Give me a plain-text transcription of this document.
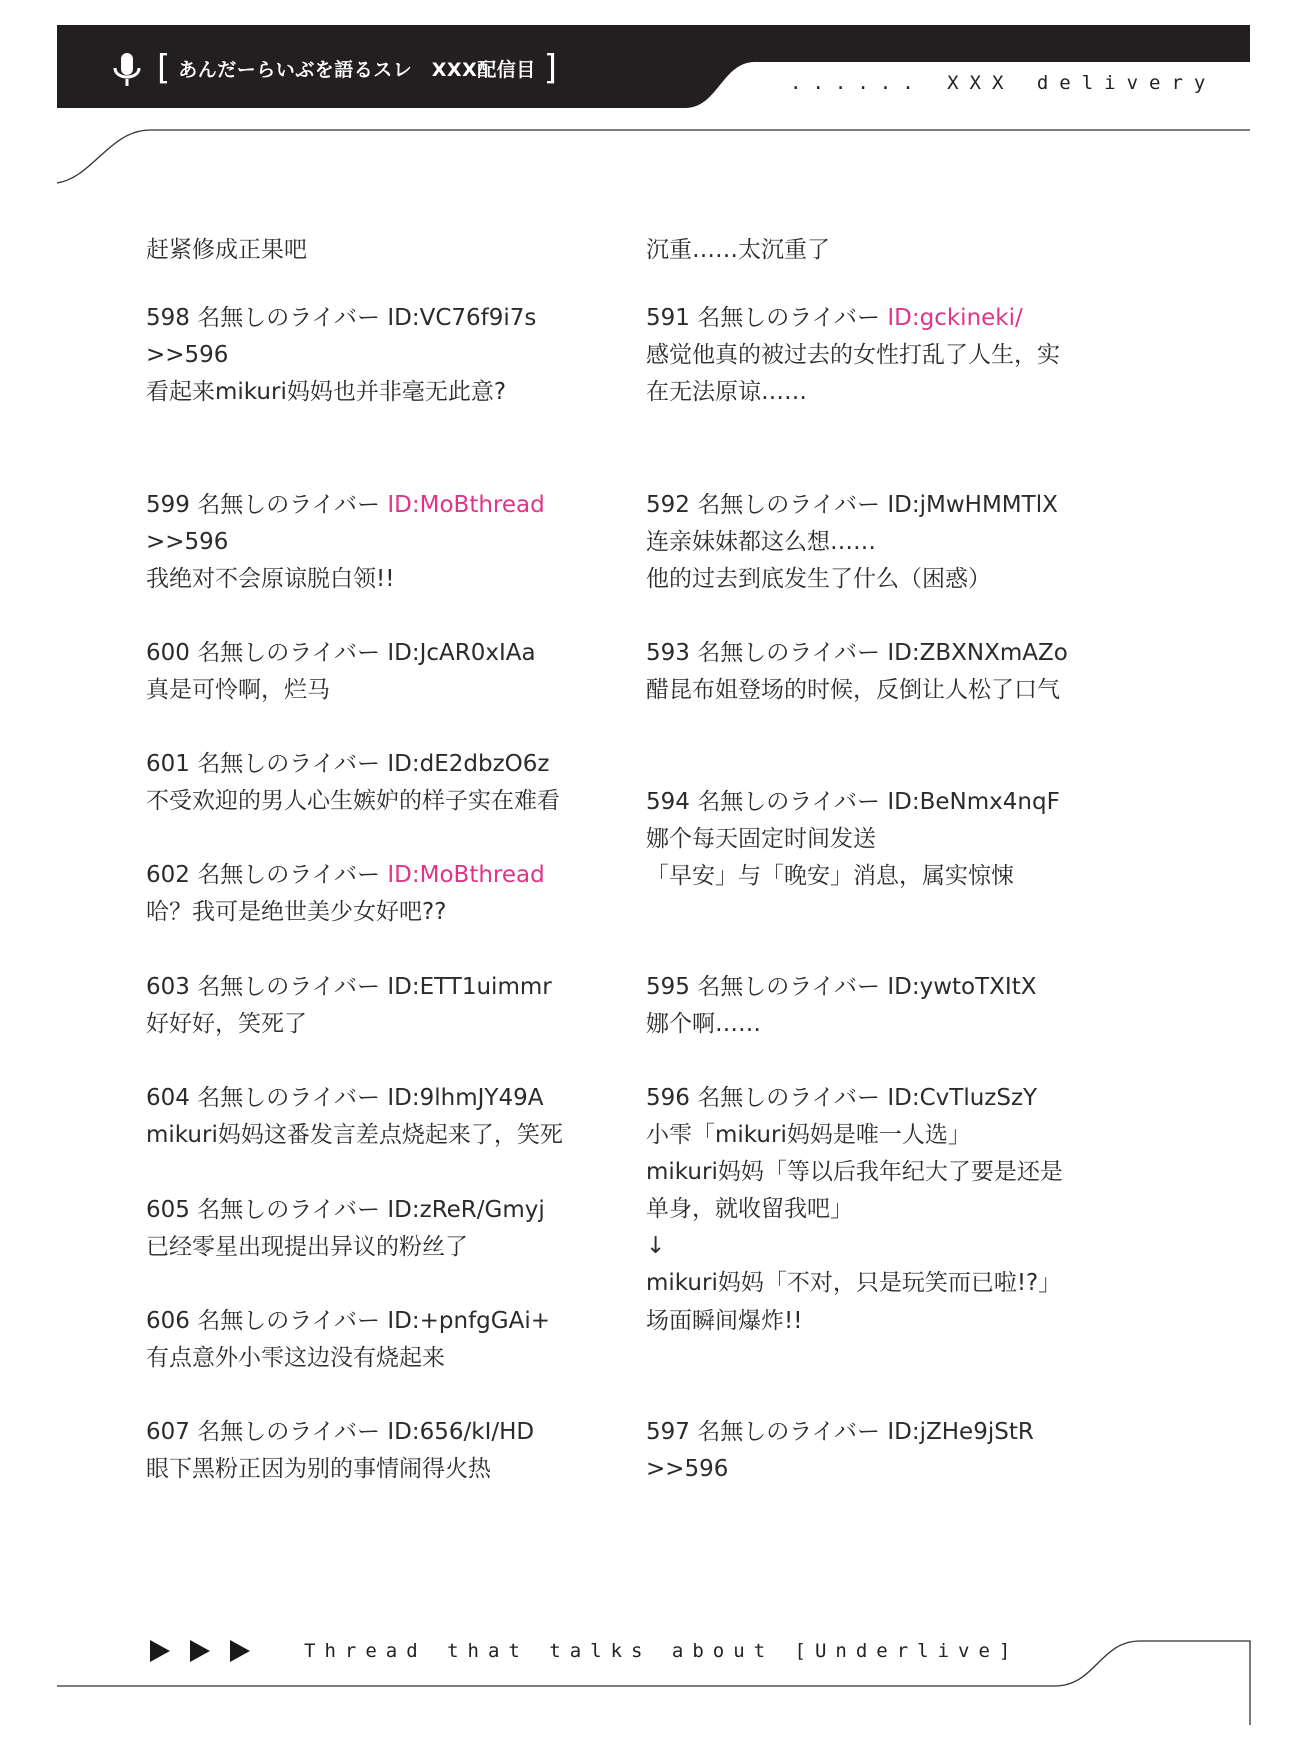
[ あんだーらいぶを語るスレ　XXX配信目 ]	...... XXX delivery
赶紧修成正果吧
598 名無しのライバー ID:VC76f9i7s
>>596
看起来mikuri妈妈也并非毫无此意?
599 名無しのライバー ID:MoBthread
>>596
我绝对不会原谅脱白领!!
600 名無しのライバー ID:JcAR0xIAa
真是可怜啊，烂马
601 名無しのライバー ID:dE2dbzO6z
不受欢迎的男人心生嫉妒的样子实在难看
602 名無しのライバー ID:MoBthread
哈？我可是绝世美少女好吧??
603 名無しのライバー ID:ETT1uimmr
好好好，笑死了
604 名無しのライバー ID:9lhmJY49A
mikuri妈妈这番发言差点烧起来了，笑死
605 名無しのライバー ID:zReR/Gmyj
已经零星出现提出异议的粉丝了
606 名無しのライバー ID:+pnfgGAi+
有点意外小雫这边没有烧起来
607 名無しのライバー ID:656/kI/HD
眼下黑粉正因为别的事情闹得火热
沉重……太沉重了
591 名無しのライバー ID:gckineki/
感觉他真的被过去的女性打乱了人生，实
在无法原谅……
592 名無しのライバー ID:jMwHMMTlX
连亲妹妹都这么想……
他的过去到底发生了什么（困惑）
593 名無しのライバー ID:ZBXNXmAZo
醋昆布姐登场的时候，反倒让人松了口气
594 名無しのライバー ID:BeNmx4nqF
娜个每天固定时间发送
「早安」与「晚安」消息，属实惊悚
595 名無しのライバー ID:ywtoTXItX
娜个啊……
596 名無しのライバー ID:CvTluzSzY
小雫「mikuri妈妈是唯一人选」
mikuri妈妈「等以后我年纪大了要是还是
单身，就收留我吧」
↓
mikuri妈妈「不对，只是玩笑而已啦!?」
场面瞬间爆炸!!
597 名無しのライバー ID:jZHe9jStR
>>596
Thread that talks about [Underlive]
